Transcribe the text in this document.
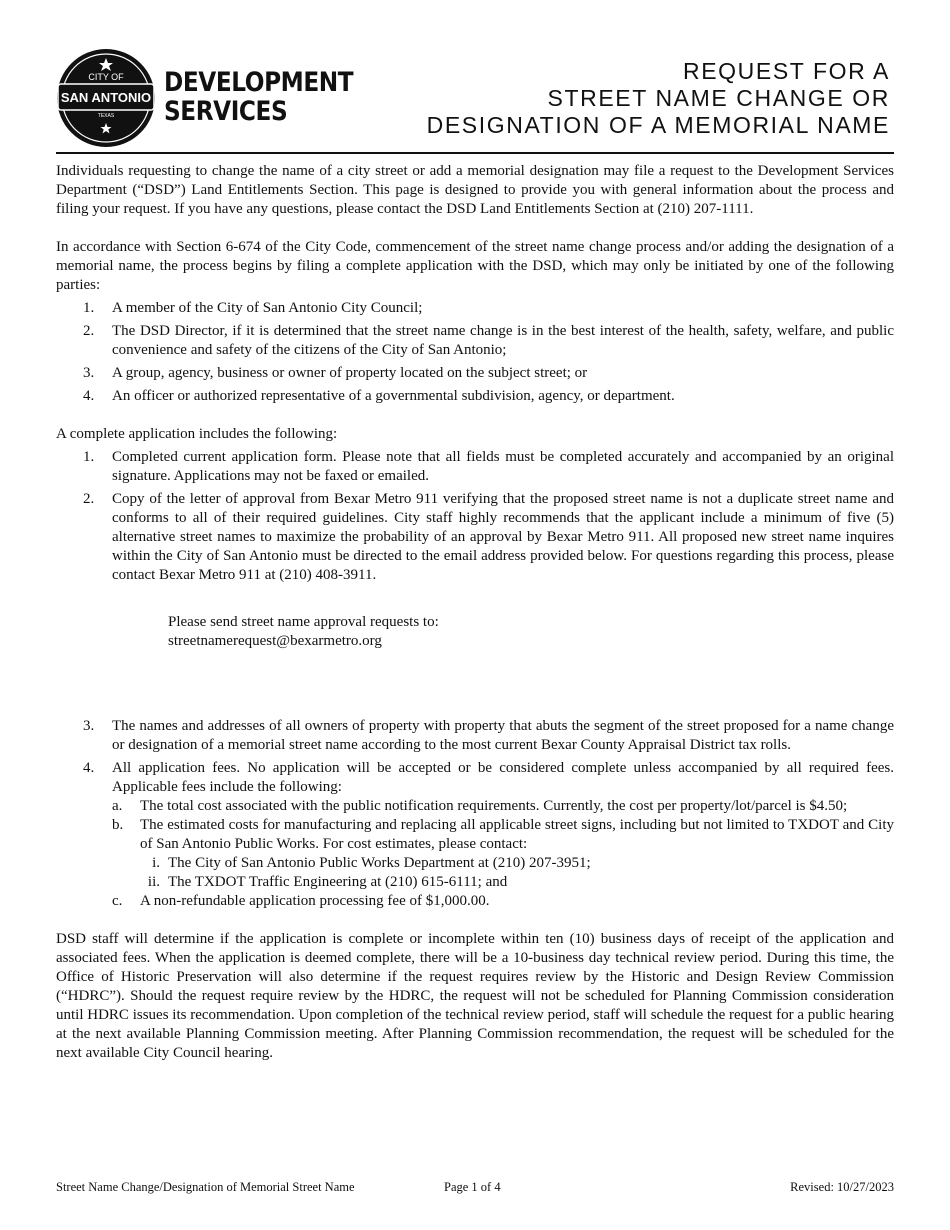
CITY OF
SAN ANTONIO
TEXAS
DEVELOPMENT
SERVICES
REQUEST FOR A
STREET NAME CHANGE OR
DESIGNATION OF A MEMORIAL NAME

Individuals requesting to change the name of a city street or add a memorial designation may file a request to the Development Services Department (“DSD”) Land Entitlements Section. This page is designed to provide you with general information about the process and filing your request. If you have any questions, please contact the DSD Land Entitlements Section at (210) 207-1111.

In accordance with Section 6-674 of the City Code, commencement of the street name change process and/or adding the designation of a memorial name, the process begins by filing a complete application with the DSD, which may only be initiated by one of the following parties:

1. A member of the City of San Antonio City Council;
2. The DSD Director, if it is determined that the street name change is in the best interest of the health, safety, welfare, and public convenience and safety of the citizens of the City of San Antonio;
3. A group, agency, business or owner of property located on the subject street; or
4. An officer or authorized representative of a governmental subdivision, agency, or department.

A complete application includes the following:

1. Completed current application form. Please note that all fields must be completed accurately and accompanied by an original signature. Applications may not be faxed or emailed.
2. Copy of the letter of approval from Bexar Metro 911 verifying that the proposed street name is not a duplicate street name and conforms to all of their required guidelines. City staff highly recommends that the applicant include a minimum of five (5) alternative street names to maximize the probability of an approval by Bexar Metro 911. All proposed new street name inquires within the City of San Antonio must be directed to the email address provided below. For questions regarding this process, please contact Bexar Metro 911 at (210) 408-3911.
Please send street name approval requests to:
streetnamerequest@bexarmetro.org
3. The names and addresses of all owners of property with property that abuts the segment of the street proposed for a name change or designation of a memorial street name according to the most current Bexar County Appraisal District tax rolls.
4. All application fees. No application will be accepted or be considered complete unless accompanied by all required fees. Applicable fees include the following:
a. The total cost associated with the public notification requirements. Currently, the cost per property/lot/parcel is $4.50;
b. The estimated costs for manufacturing and replacing all applicable street signs, including but not limited to TXDOT and City of San Antonio Public Works. For cost estimates, please contact:
i. The City of San Antonio Public Works Department at (210) 207-3951;
ii. The TXDOT Traffic Engineering at (210) 615-6111; and
c. A non-refundable application processing fee of $1,000.00.

DSD staff will determine if the application is complete or incomplete within ten (10) business days of receipt of the application and associated fees. When the application is deemed complete, there will be a 10-business day technical review period. During this time, the Office of Historic Preservation will also determine if the request requires review by the Historic and Design Review Commission (“HDRC”). Should the request require review by the HDRC, the request will not be scheduled for Planning Commission consideration until HDRC issues its recommendation. Upon completion of the technical review period, staff will schedule the request for a public hearing at the next available Planning Commission meeting. After Planning Commission recommendation, the request will be scheduled for the next available City Council hearing.

Street Name Change/Designation of Memorial Street Name	Page 1 of 4	Revised: 10/27/2023
